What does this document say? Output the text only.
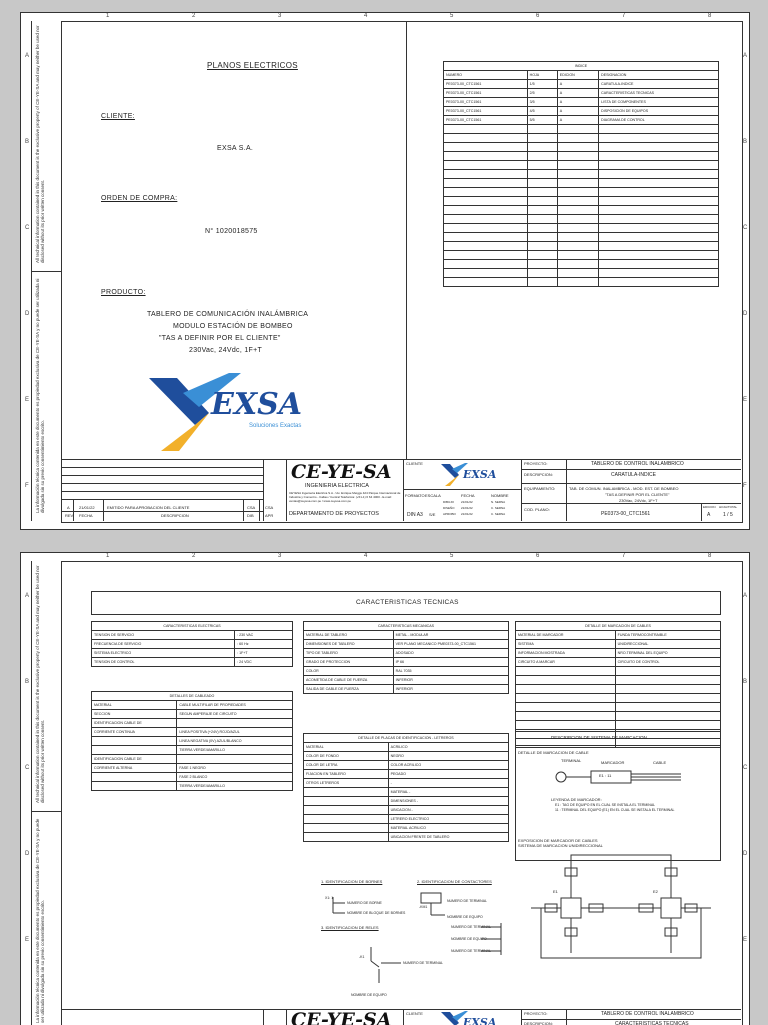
1	2	3	4	5	6	7	8
A	A
B	B
C	C
D	D
E	E
F	F
All technical information contained in this document is the exclusive property of CE-YE-SA and may neither be used nor disclosed without its prior written consent.
La información técnica contenida en este documento es propiedad exclusiva de CE-YE-SA y no puede ser utilizada ni divulgada sin su previo consentimiento escrito.
PLANOS ELECTRICOS
CLIENTE:
EXSA S.A.
ORDEN DE COMPRA:
N° 1020018575
PRODUCTO:
TABLERO DE COMUNICACIÓN INALÁMBRICA
MODULO ESTACIÓN DE BOMBEO
"TAS A DEFINIR POR EL CLIENTE"
230Vac, 24Vdc, 1F+T
EXSA
Soluciones Exactas
INDICE			
NUMERO	HOJA	EDICION	DESIGNACION
PE0373-00_CTC1561	1/5	A	CARATULA-INDICE
PE0373-00_CTC1561	2/5	A	CARACTERISTICAS TECNICAS
PE0373-00_CTC1561	3/5	A	LISTA DE COMPONENTES
PE0373-00_CTC1561	4/5	A	DISPOSICION DE EQUIPOS
PE0373-00_CTC1561	5/5	A	DIAGRAMA DE CONTROL

A 21/01/22	EMITIDO PARA APROBACION DEL CLIENTE	CSA CSA
REV FECHA	DESCRIPCION	DIB	APR
CE-YE-SA
INGENIERIA ELECTRICA
CEYESA Ingenieria Electrica S.A. / Av. Enrique Meiggs 424 Parque Internacional de Industria y Comercio - Callao / Central Telefonica: (+51-1) 6 64 4000 - E-mail: ventas@ceyesa.com.pe / www.ceyesa.com.pe
DEPARTAMENTO DE PROYECTOS
CLIENTE
EXSA
FORMATO
DIN A3
ESCALA
S/E
FECHA	NOMBRE
DIBUJO
DISEÑO
APROBO
21/01/22
21/01/22
21/01/22
N. SERNA
C. SERNA
C. SERNA
PROYECTO:	TABLERO DE CONTROL INALAMBRICO
DESCRIPCION:	CARATULA-INDICE
EQUIPAMIENTO:	TAB. DE COMUN. INALAMBRICA - MOD. EST. DE BOMBEO
"TAS A DEFINIR POR EL CLIENTE"
230Vac, 24Vdc, 1F+T
COD. PLANO:
PE0373-00_CTC1561
EDICION HOJA/TOTAL
A	1 / 5
1	2	3	4	5	6	7	8
A	A
B	B
C	C
D	D
E	E
All technical information contained in this document is the exclusive property of CE-YE-SA and may neither be used nor disclosed without its prior written consent.
La información técnica contenida en este documento es propiedad exclusiva de CE-YE-SA y no puede ser utilizada ni divulgada sin su previo consentimiento escrito.
CARACTERISTICAS TECNICAS
CARACTERISTICAS ELECTRICAS	
TENSION DE SERVICIO	: 230 VAC
FRECUENCIA DE SERVICIO	: 60 Hz
SISTEMA ELECTRICO	: 1F+T
TENSION DE CONTROL	: 24 VDC
DETALLES DE CABLEADO	
MATERIAL	CABLE MULTIFILAR DE PROPIEDADES
SECCION	SEGUN AMPERAJE DE CIRCUITO
IDENTIFICACION CABLE DE	
CORRIENTE CONTINUA	LINEA POSITIVA (+24V) ROJO/AZUL
	LINEA NEGATIVA (0V) AZUL/BLANCO
	TIERRA VERDE/AMARILLO
IDENTIFICACION CABLE DE	
CORRIENTE ALTERNA	FASE 1 NEGRO
	FASE 2 BLANCO
	TIERRA VERDE/AMARILLO
CARACTERISTICAS MECANICAS	
MATERIAL DE TABLERO	METAL - MODULAR
DIMENSIONES DE TABLERO	VER PLANO MECANICO PME0373-00_CTC1561
TIPO DE TABLERO	ADOSADO
GRADO DE PROTECCION	IP 66
COLOR	RAL 7035
ACOMETIDA DE CABLE DE FUERZA	INFERIOR
SALIDA DE CABLE DE FUERZA	INFERIOR
DETALLE DE PLACAS DE IDENTIFICACION - LETREROS	
MATERIAL	ACRILICO
COLOR DE FONDO	NEGRO
COLOR DE LETRA	COLOR ACRILICO
FIJACION EN TABLERO	PEGADO
OTROS LETREROS	-
	MATERIAL -
	DIMENSIONES -
	UBICACION -
	LETRERO ELECTRICO
	MATERIAL ACRILICO
	UBICACION FRENTE DE TABLERO
DETALLE DE MARCACION DE CABLES	
MATERIAL DE MARCADOR	FUNDA TERMOCONTRAIBLE
SISTEMA	UNIDIRECCIONAL
INFORMACION MOSTRADA	NRO.TERMINAL DEL EQUIPO
CIRCUITO A MARCAR	CIRCUITO DE CONTROL

DESCRIPCION DE SISTEMA DE MARCACION
DETALLE DE MARCACION DE CABLE
TERMINAL	MARCADOR	CABLE
E1 : 11
LEYENDA DE MARCADOR:
E1 : TAG DE EQUIPO EN EL CUAL SE INSTALA EL TERMINAL
11 : TERMINAL DEL EQUIPO (E1) EN EL CUAL SE INSTALA EL TERMINAL
EXPOSICION DE MARCADOR DE CABLES
SISTEMA DE MARCACION UNIDIRECCIONAL
E1	E2
1. IDENTIFICACION DE BORNES	2. IDENTIFICACION DE CONTACTORES
3. IDENTIFICACION DE RELES
X1: 1
NUMERO DE BORNE
NOMBRE DE BLOQUE DE BORNES
-KM1
NUMERO DE TERMINAL
NOMBRE DE EQUIPO
-K1
NUMERO DE TERMINAL
NOMBRE DE EQUIPO
NUMERO DE TERMINAL
NOMBRE DE EQUIPO
NUMERO DE TERMINAL
CE-YE-SA	CLIENTE
EXSA
PROYECTO:	TABLERO DE CONTROL INALAMBRICO
DESCRIPCION:	CARACTERISTICAS TECNICAS
